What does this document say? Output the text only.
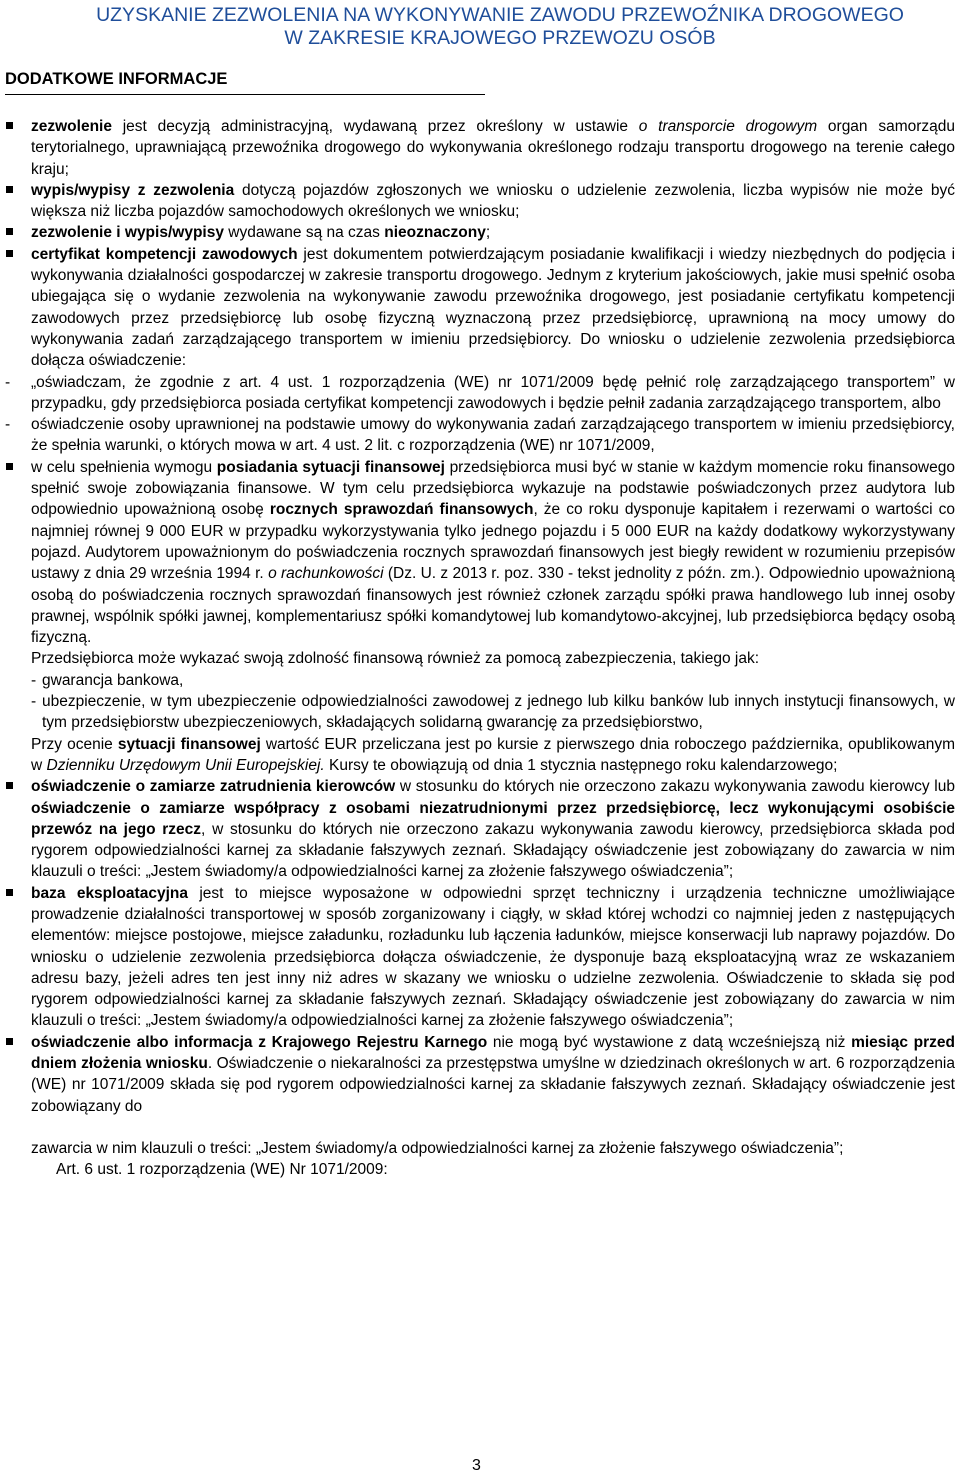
UZYSKANIE ZEZWOLENIA NA WYKONYWANIE ZAWODU PRZEWOŹNIKA DROGOWEGO
W ZAKRESIE KRAJOWEGO PRZEWOZU OSÓB
DODATKOWE INFORMACJE
zezwolenie jest decyzją administracyjną, wydawaną przez określony w ustawie o transporcie drogowym organ samorządu terytorialnego, uprawniającą przewoźnika drogowego do wykonywania określonego rodzaju transportu drogowego na terenie całego kraju;
wypis/wypisy z zezwolenia dotyczą pojazdów zgłoszonych we wniosku o udzielenie zezwolenia, liczba wypisów nie może być większa niż liczba pojazdów samochodowych określonych we wniosku;
zezwolenie i wypis/wypisy wydawane są na czas nieoznaczony;
certyfikat kompetencji zawodowych jest dokumentem potwierdzającym posiadanie kwalifikacji i wiedzy niezbędnych do podjęcia i wykonywania działalności gospodarczej w zakresie transportu drogowego. Jednym z kryterium jakościowych, jakie musi spełnić osoba ubiegająca się o wydanie zezwolenia na wykonywanie zawodu przewoźnika drogowego, jest posiadanie certyfikatu kompetencji zawodowych przez przedsiębiorcę lub osobę fizyczną wyznaczoną przez przedsiębiorcę, uprawnioną na mocy umowy do wykonywania zadań zarządzającego transportem w imieniu przedsiębiorcy. Do wniosku o udzielenie zezwolenia przedsiębiorca dołącza oświadczenie:
- „oświadczam, że zgodnie z art. 4 ust. 1 rozporządzenia (WE) nr 1071/2009 będę pełnić rolę zarządzającego transportem” w przypadku, gdy przedsiębiorca posiada certyfikat kompetencji zawodowych i będzie pełnił zadania zarządzającego transportem, albo
- oświadczenie osoby uprawnionej na podstawie umowy do wykonywania zadań zarządzającego transportem w imieniu przedsiębiorcy, że spełnia warunki, o których mowa w art. 4 ust. 2 lit. c rozporządzenia (WE) nr 1071/2009,
w celu spełnienia wymogu posiadania sytuacji finansowej przedsiębiorca musi być w stanie w każdym momencie roku finansowego spełnić swoje zobowiązania finansowe. W tym celu przedsiębiorca wykazuje na podstawie poświadczonych przez audytora lub odpowiednio upoważnioną osobę rocznych sprawozdań finansowych, że co roku dysponuje kapitałem i rezerwami o wartości co najmniej równej 9 000 EUR w przypadku wykorzystywania tylko jednego pojazdu i 5 000 EUR na każdy dodatkowy wykorzystywany pojazd. Audytorem upoważnionym do poświadczenia rocznych sprawozdań finansowych jest biegły rewident w rozumieniu przepisów ustawy z dnia 29 września 1994 r. o rachunkowości (Dz. U. z 2013 r. poz. 330 - tekst jednolity z późn. zm.). Odpowiednio upoważnioną osobą do poświadczenia rocznych sprawozdań finansowych jest również członek zarządu spółki prawa handlowego lub innej osoby prawnej, wspólnik spółki jawnej, komplementariusz spółki komandytowej lub komandytowo-akcyjnej, lub przedsiębiorca będący osobą fizyczną.
Przedsiębiorca może wykazać swoją zdolność finansową również za pomocą zabezpieczenia, takiego jak:
- gwarancja bankowa,
- ubezpieczenie, w tym ubezpieczenie odpowiedzialności zawodowej z jednego lub kilku banków lub innych instytucji finansowych, w tym przedsiębiorstw ubezpieczeniowych, składających solidarną gwarancję za przedsiębiorstwo,
Przy ocenie sytuacji finansowej wartość EUR przeliczana jest po kursie z pierwszego dnia roboczego października, opublikowanym w Dzienniku Urzędowym Unii Europejskiej. Kursy te obowiązują od dnia 1 stycznia następnego roku kalendarzowego;
oświadczenie o zamiarze zatrudnienia kierowców w stosunku do których nie orzeczono zakazu wykonywania zawodu kierowcy lub oświadczenie o zamiarze współpracy z osobami niezatrudnionymi przez przedsiębiorcę, lecz wykonującymi osobiście przewóz na jego rzecz, w stosunku do których nie orzeczono zakazu wykonywania zawodu kierowcy, przedsiębiorca składa pod rygorem odpowiedzialności karnej za składanie fałszywych zeznań. Składający oświadczenie jest zobowiązany do zawarcia w nim klauzuli o treści: „Jestem świadomy/a odpowiedzialności karnej za złożenie fałszywego oświadczenia”;
baza eksploatacyjna jest to miejsce wyposażone w odpowiedni sprzęt techniczny i urządzenia techniczne umożliwiające prowadzenie działalności transportowej w sposób zorganizowany i ciągły, w skład której wchodzi co najmniej jeden z następujących elementów: miejsce postojowe, miejsce załadunku, rozładunku lub łączenia ładunków, miejsce konserwacji lub naprawy pojazdów. Do wniosku o udzielenie zezwolenia przedsiębiorca dołącza oświadczenie, że dysponuje bazą eksploatacyjną wraz ze wskazaniem adresu bazy, jeżeli adres ten jest inny niż adres w skazany we wniosku o udzielne zezwolenia. Oświadczenie to składa się pod rygorem odpowiedzialności karnej za składanie fałszywych zeznań. Składający oświadczenie jest zobowiązany do zawarcia w nim klauzuli o treści: „Jestem świadomy/a odpowiedzialności karnej za złożenie fałszywego oświadczenia”;
oświadczenie albo informacja z Krajowego Rejestru Karnego nie mogą być wystawione z datą wcześniejszą niż miesiąc przed dniem złożenia wniosku. Oświadczenie o niekaralności za przestępstwa umyślne w dziedzinach określonych w art. 6 rozporządzenia (WE) nr 1071/2009 składa się pod rygorem odpowiedzialności karnej za składanie fałszywych zeznań. Składający oświadczenie jest zobowiązany do
zawarcia w nim klauzuli o treści: „Jestem świadomy/a odpowiedzialności karnej za złożenie fałszywego oświadczenia”;
Art. 6 ust. 1 rozporządzenia (WE) Nr 1071/2009:
3
